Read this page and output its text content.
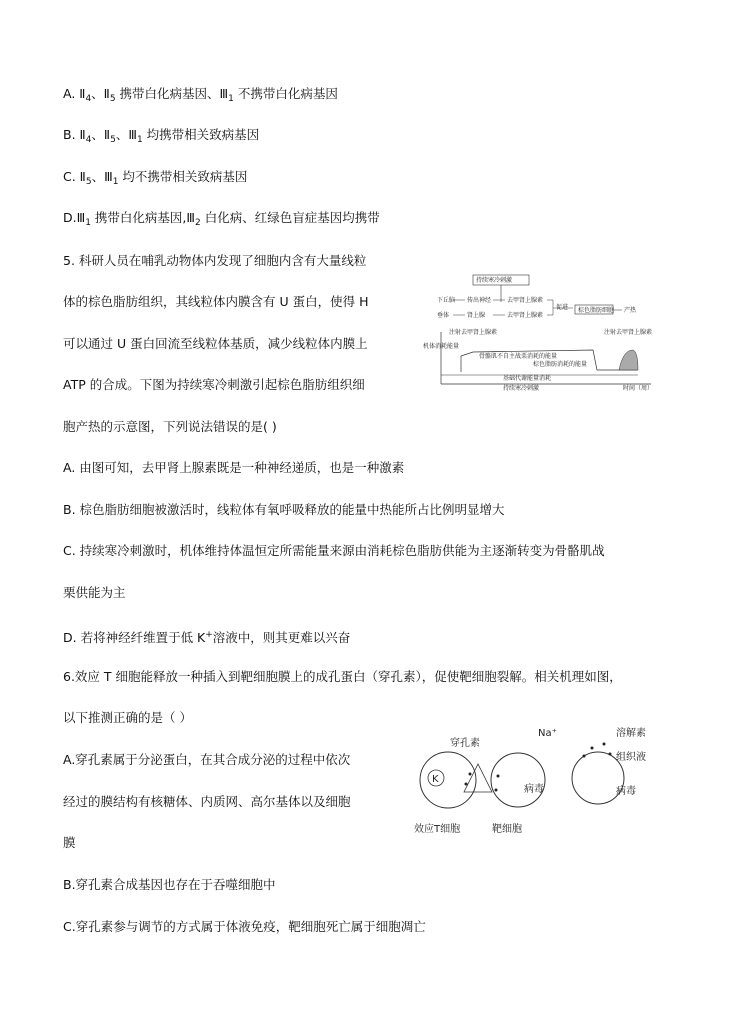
A. $Ⅱ_4$、$Ⅱ_5$ 携带白化病基因、$Ⅲ_1$ 不携带白化病基因
B. $Ⅱ_4$、$Ⅱ_5$、$Ⅲ_1$ 均携带相关致病基因
C. $Ⅱ_5$、$Ⅲ_1$ 均不携带相关致病基因
$D.Ⅲ_1$ 携带白化病基因$,Ⅲ_2$ 白化病、红绿色盲症基因均携带
5. 科研人员在哺乳动物体内发现了细胞内含有大量线粒
体的棕色脂肪组织，其线粒体内膜含有 U 蛋白，使得 H
可以通过 U 蛋白回流至线粒体基质，减少线粒体内膜上
ATP 的合成。下图为持续寒冷刺激引起棕色脂肪组织细
胞产热的示意图，下列说法错误的是( )
持续寒冷刺激
下丘脑 传出神经	去甲肾上腺素
促进
垂体	肾上腺	去甲肾上腺素
棕色脂肪细胞 产热
注射去甲肾上腺素	注射去甲肾上腺素
机体消耗能量
骨骼肌不自主战栗消耗的能量
棕色脂肪消耗的能量
基础代谢能量消耗
持续寒冷刺激	时间（周）
A. 由图可知，去甲肾上腺素既是一种神经递质，也是一种激素
B. 棕色脂肪细胞被激活时，线粒体有氧呼吸释放的能量中热能所占比例明显增大
C. 持续寒冷刺激时，机体维持体温恒定所需能量来源由消耗棕色脂肪供能为主逐渐转变为骨骼肌战
栗供能为主
D. 若将神经纤维置于低 K+溶液中，则其更难以兴奋
6.效应 T 细胞能释放一种插入到靶细胞膜上的成孔蛋白（穿孔素），促使靶细胞裂解。相关机理如图，
以下推测正确的是（ ）
A.穿孔素属于分泌蛋白，在其合成分泌的过程中依次
经过的膜结构有核糖体、内质网、高尔基体以及细胞
膜
B.穿孔素合成基因也存在于吞噬细胞中
C.穿孔素参与调节的方式属于体液免疫，靶细胞死亡属于细胞凋亡
K
穿孔素
Na⁺	溶解素
组织液
病毒	病毒
效应T细胞	靶细胞
